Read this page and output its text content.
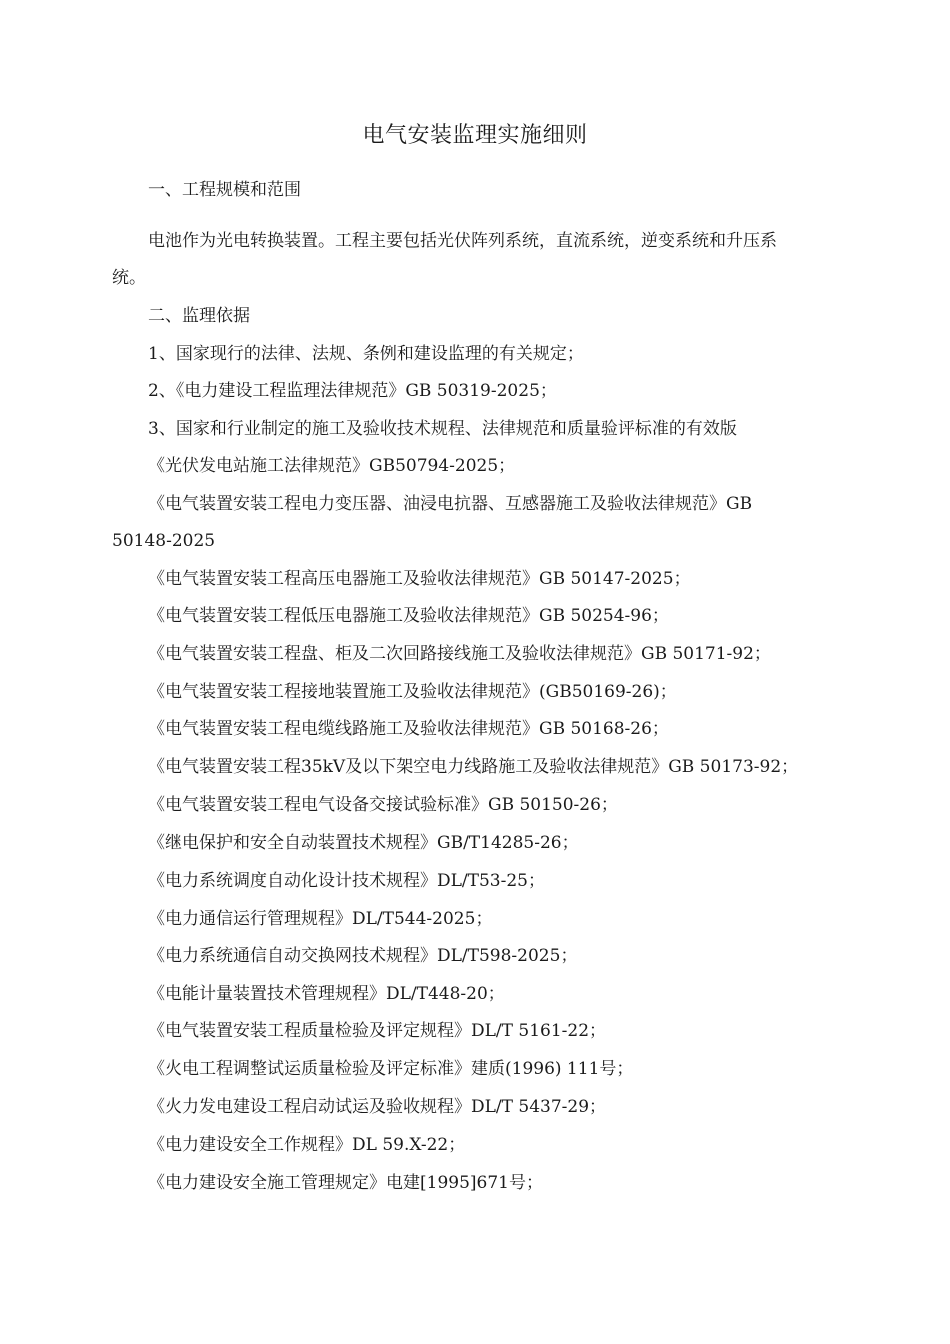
电气安装监理实施细则
一、工程规模和范围
电池作为光电转换装置。工程主要包括光伏阵列系统，直流系统，逆变系统和升压系
统。
二、监理依据
1、国家现行的法律、法规、条例和建设监理的有关规定；
2、《电力建设工程监理法律规范》GB 50319-2025；
3、国家和行业制定的施工及验收技术规程、法律规范和质量验评标准的有效版
《光伏发电站施工法律规范》GB50794-2025；
《电气装置安装工程电力变压器、油浸电抗器、互感器施工及验收法律规范》GB
50148-2025
《电气装置安装工程高压电器施工及验收法律规范》GB 50147-2025；
《电气装置安装工程低压电器施工及验收法律规范》GB 50254-96；
《电气装置安装工程盘、柜及二次回路接线施工及验收法律规范》GB 50171-92；
《电气装置安装工程接地装置施工及验收法律规范》(GB50169-26)；
《电气装置安装工程电缆线路施工及验收法律规范》GB 50168-26；
《电气装置安装工程35kV及以下架空电力线路施工及验收法律规范》GB 50173-92；
《电气装置安装工程电气设备交接试验标准》GB 50150-26；
《继电保护和安全自动装置技术规程》GB/T14285-26；
《电力系统调度自动化设计技术规程》DL/T53-25；
《电力通信运行管理规程》DL/T544-2025；
《电力系统通信自动交换网技术规程》DL/T598-2025；
《电能计量装置技术管理规程》DL/T448-20；
《电气装置安装工程质量检验及评定规程》DL/T 5161-22；
《火电工程调整试运质量检验及评定标准》建质(1996) 111号；
《火力发电建设工程启动试运及验收规程》DL/T 5437-29；
《电力建设安全工作规程》DL 59.X-22；
《电力建设安全施工管理规定》电建[1995]671号；
